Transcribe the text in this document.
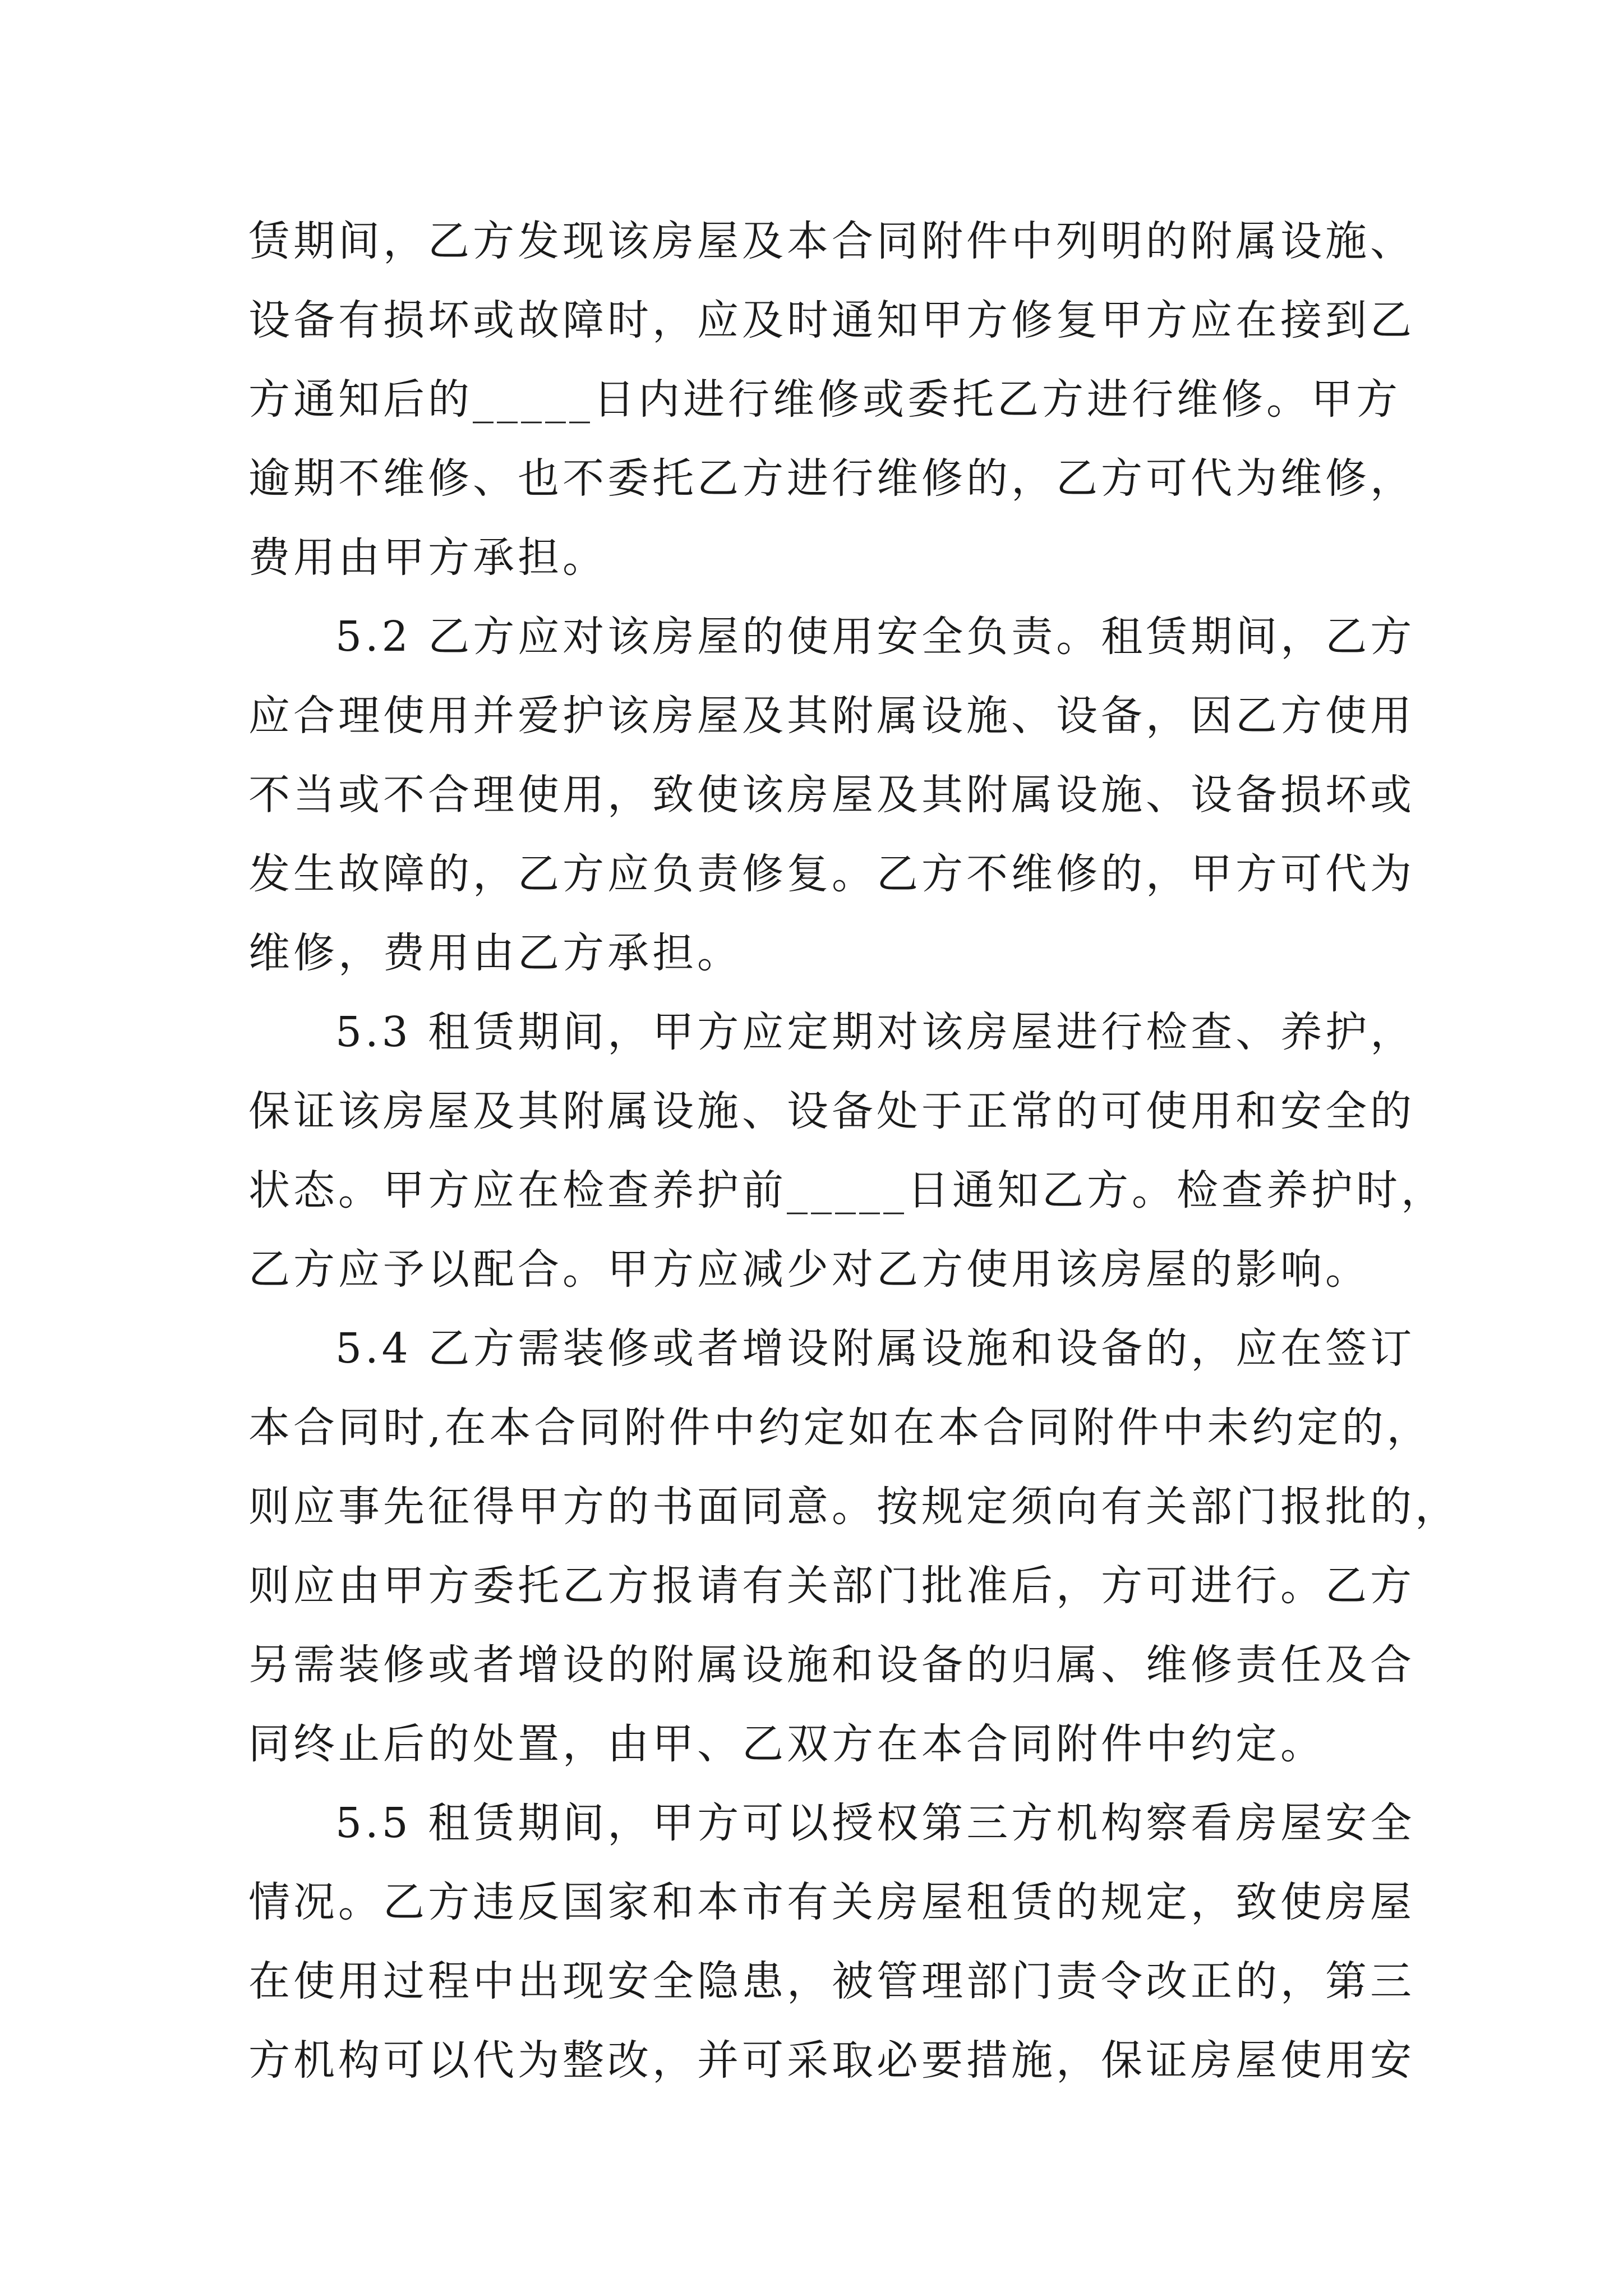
赁期间，乙方发现该房屋及本合同附件中列明的附属设施、
设备有损坏或故障时，应及时通知甲方修复甲方应在接到乙
方通知后的_____日内进行维修或委托乙方进行维修。甲方
逾期不维修、也不委托乙方进行维修的，乙方可代为维修，
费用由甲方承担。
5.2 乙方应对该房屋的使用安全负责。租赁期间，乙方
应合理使用并爱护该房屋及其附属设施、设备，因乙方使用
不当或不合理使用，致使该房屋及其附属设施、设备损坏或
发生故障的，乙方应负责修复。乙方不维修的，甲方可代为
维修，费用由乙方承担。
5.3 租赁期间，甲方应定期对该房屋进行检查、养护，
保证该房屋及其附属设施、设备处于正常的可使用和安全的
状态。甲方应在检查养护前_____日通知乙方。检查养护时，
乙方应予以配合。甲方应减少对乙方使用该房屋的影响。
5.4 乙方需装修或者增设附属设施和设备的，应在签订
本合同时,在本合同附件中约定如在本合同附件中未约定的，
则应事先征得甲方的书面同意。按规定须向有关部门报批的，
则应由甲方委托乙方报请有关部门批准后，方可进行。乙方
另需装修或者增设的附属设施和设备的归属、维修责任及合
同终止后的处置，由甲、乙双方在本合同附件中约定。
5.5 租赁期间，甲方可以授权第三方机构察看房屋安全
情况。乙方违反国家和本市有关房屋租赁的规定，致使房屋
在使用过程中出现安全隐患，被管理部门责令改正的，第三
方机构可以代为整改，并可采取必要措施，保证房屋使用安
